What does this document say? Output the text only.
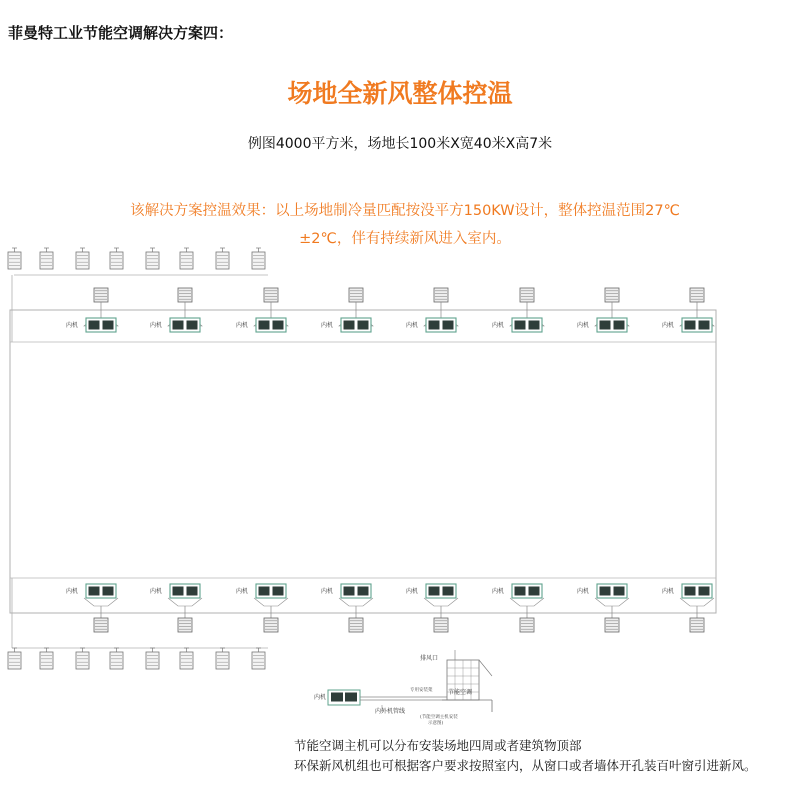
菲曼特工业节能空调解决方案四：
场地全新风整体控温
例图4000平方米，场地长100米X宽40米X高7米
该解决方案控温效果：以上场地制冷量匹配按没平方150KW设计，整体控温范围27℃
±2℃，伴有持续新风进入室内。
内机	内机	内机	内机	内机	内机	内机	内机
内机	内机	内机	内机	内机	内机	内机	内机
内机
内外机管线
排风口
专用安装架	节能空调
(节能空调主机安装
示意图)
节能空调主机可以分布安装场地四周或者建筑物顶部
环保新风机组也可根据客户要求按照室内，从窗口或者墙体开孔装百叶窗引进新风。
